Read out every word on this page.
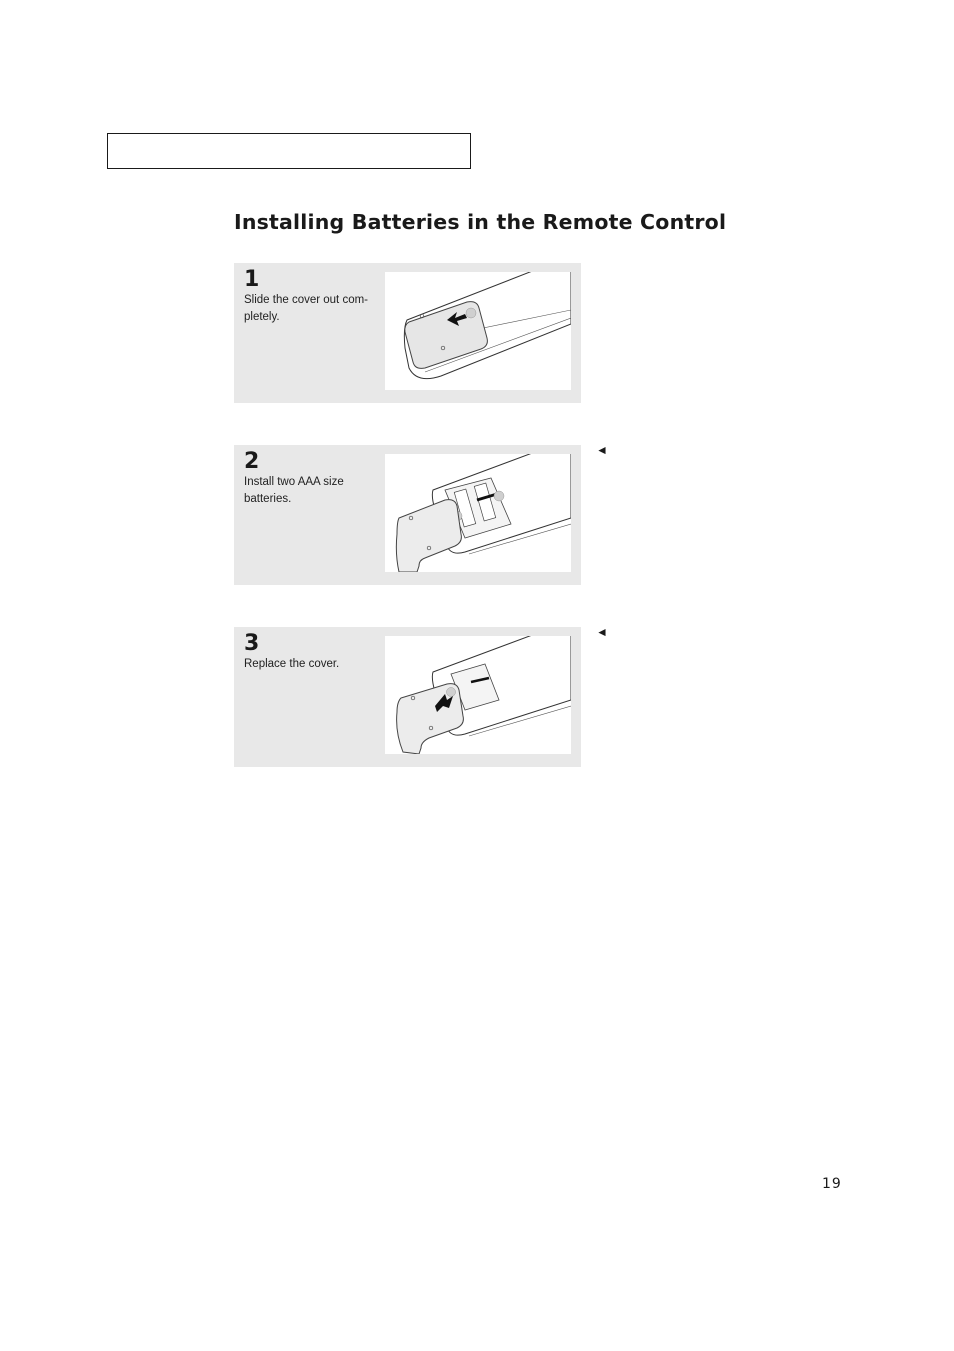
Installing Batteries in the Remote Control
1
Slide the cover out com-pletely.
2
Install two AAA size batteries.
3
Replace the cover.
◄
◄
19
